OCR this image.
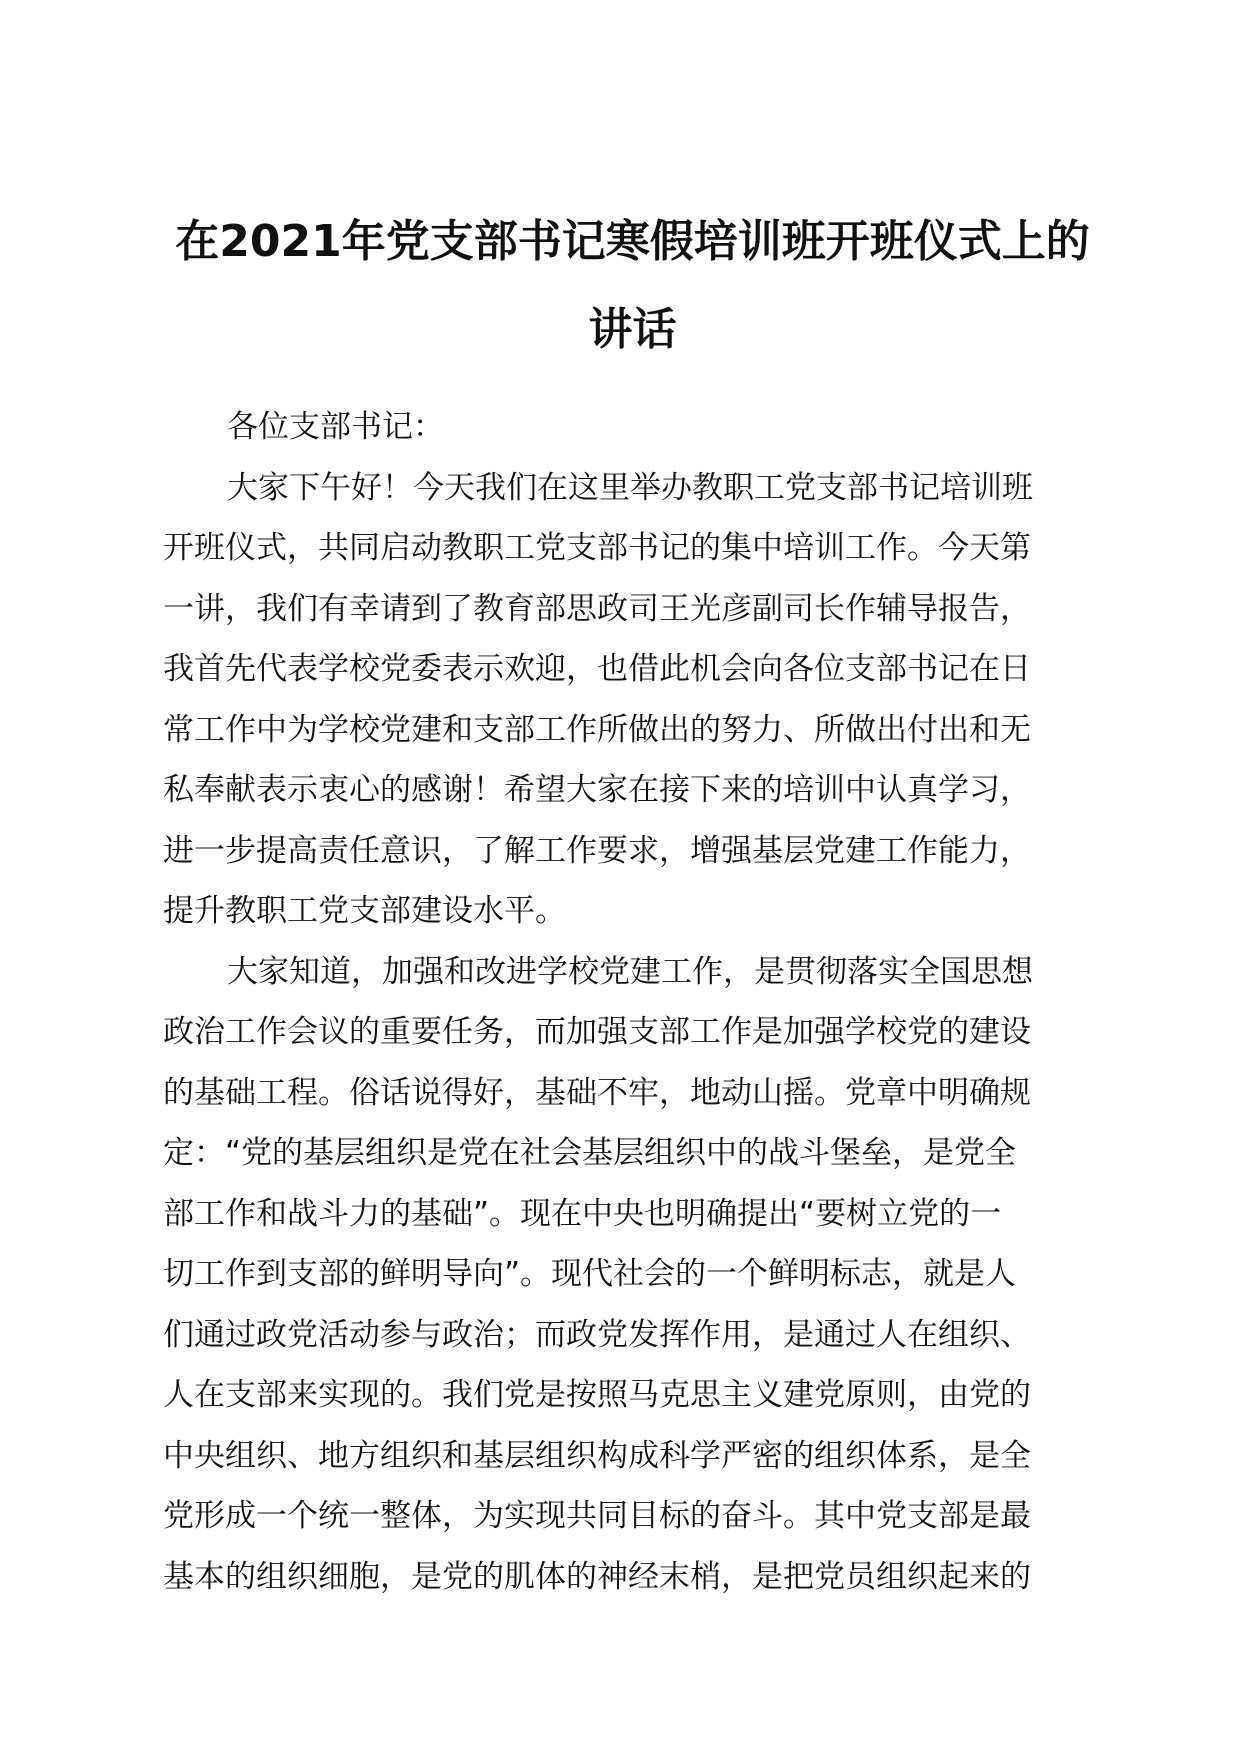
在2021年党支部书记寒假培训班开班仪式上的
讲话

各位支部书记：

大家下午好！今天我们在这里举办教职工党支部书记培训班
开班仪式，共同启动教职工党支部书记的集中培训工作。今天第
一讲，我们有幸请到了教育部思政司王光彦副司长作辅导报告，
我首先代表学校党委表示欢迎，也借此机会向各位支部书记在日
常工作中为学校党建和支部工作所做出的努力、所做出付出和无
私奉献表示衷心的感谢！希望大家在接下来的培训中认真学习，
进一步提高责任意识，了解工作要求，增强基层党建工作能力，
提升教职工党支部建设水平。

大家知道，加强和改进学校党建工作，是贯彻落实全国思想
政治工作会议的重要任务，而加强支部工作是加强学校党的建设
的基础工程。俗话说得好，基础不牢，地动山摇。党章中明确规
定：“党的基层组织是党在社会基层组织中的战斗堡垒，是党全
部工作和战斗力的基础”。现在中央也明确提出“要树立党的一
切工作到支部的鲜明导向”。现代社会的一个鲜明标志，就是人
们通过政党活动参与政治；而政党发挥作用，是通过人在组织、
人在支部来实现的。我们党是按照马克思主义建党原则，由党的
中央组织、地方组织和基层组织构成科学严密的组织体系，是全
党形成一个统一整体，为实现共同目标的奋斗。其中党支部是最
基本的组织细胞，是党的肌体的神经末梢，是把党员组织起来的
